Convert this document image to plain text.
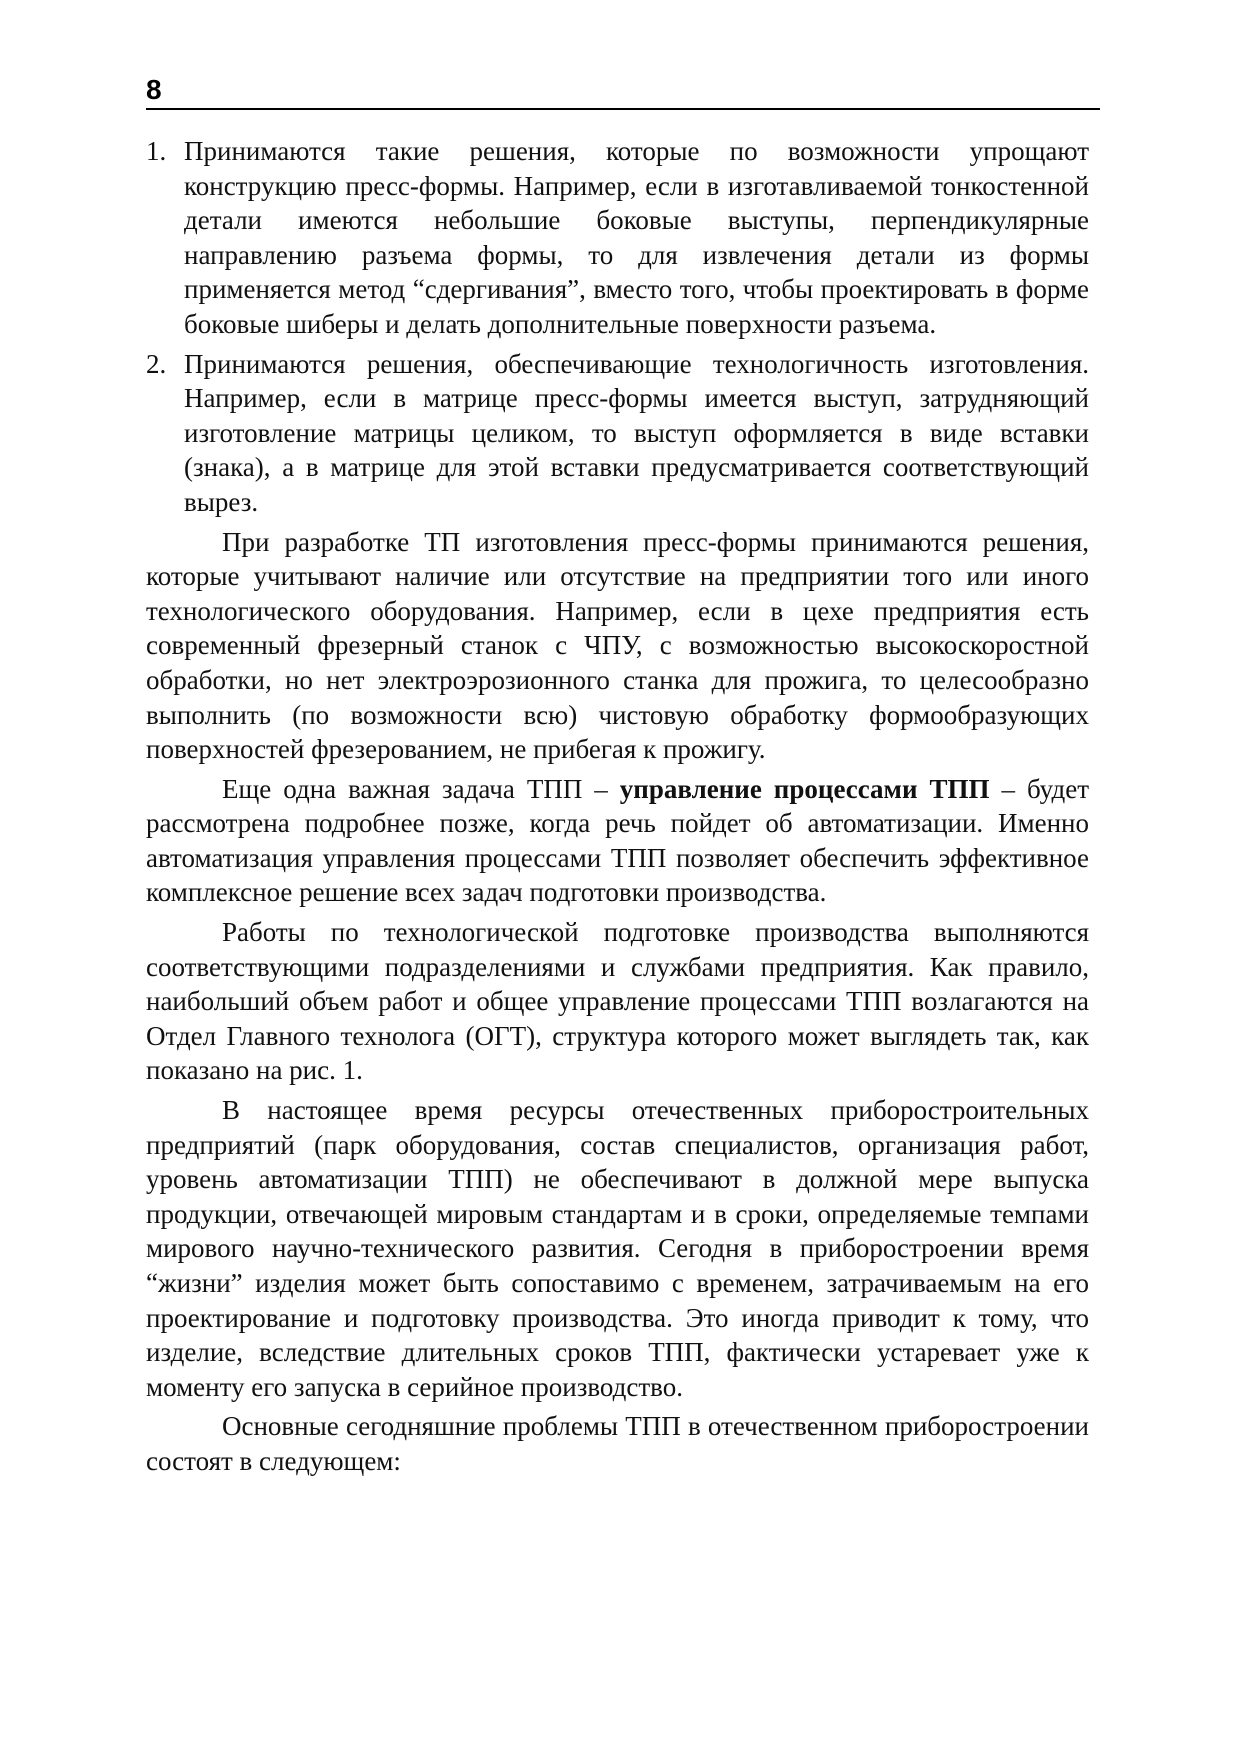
8
1. Принимаются такие решения, которые по возможности упрощают конструкцию пресс-формы. Например, если в изготавливаемой тонкостенной детали имеются небольшие боковые выступы, перпендикулярные направлению разъема формы, то для извлечения детали из формы применяется метод “сдергивания”, вместо того, чтобы проектировать в форме боковые шиберы и делать дополнительные поверхности разъема.
2. Принимаются решения, обеспечивающие технологичность изготовления. Например, если в матрице пресс-формы имеется выступ, затрудняющий изготовление матрицы целиком, то выступ оформляется в виде вставки (знака), а в матрице для этой вставки предусматривается соответствующий вырез.

При разработке ТП изготовления пресс-формы принимаются решения, которые учитывают наличие или отсутствие на предприятии того или иного технологического оборудования. Например, если в цехе предприятия есть современный фрезерный станок с ЧПУ, с возможностью высокоскоростной обработки, но нет электроэрозионного станка для прожига, то целесообразно выполнить (по возможности всю) чистовую обработку формообразующих поверхностей фрезерованием, не прибегая к прожигу.

Еще одна важная задача ТПП – управление процессами ТПП – будет рассмотрена подробнее позже, когда речь пойдет об автоматизации. Именно автоматизация управления процессами ТПП позволяет обеспечить эффективное комплексное решение всех задач подготовки производства.

Работы по технологической подготовке производства выполняются соответствующими подразделениями и службами предприятия. Как правило, наибольший объем работ и общее управление процессами ТПП возлагаются на Отдел Главного технолога (ОГТ), структура которого может выглядеть так, как показано на рис. 1.

В настоящее время ресурсы отечественных приборостроительных предприятий (парк оборудования, состав специалистов, организация работ, уровень автоматизации ТПП) не обеспечивают в должной мере выпуска продукции, отвечающей мировым стандартам и в сроки, определяемые темпами мирового научно-технического развития. Сегодня в приборостроении время “жизни” изделия может быть сопоставимо с временем, затрачиваемым на его проектирование и подготовку производства. Это иногда приводит к тому, что изделие, вследствие длительных сроков ТПП, фактически устаревает уже к моменту его запуска в серийное производство.

Основные сегодняшние проблемы ТПП в отечественном приборостроении состоят в следующем:
